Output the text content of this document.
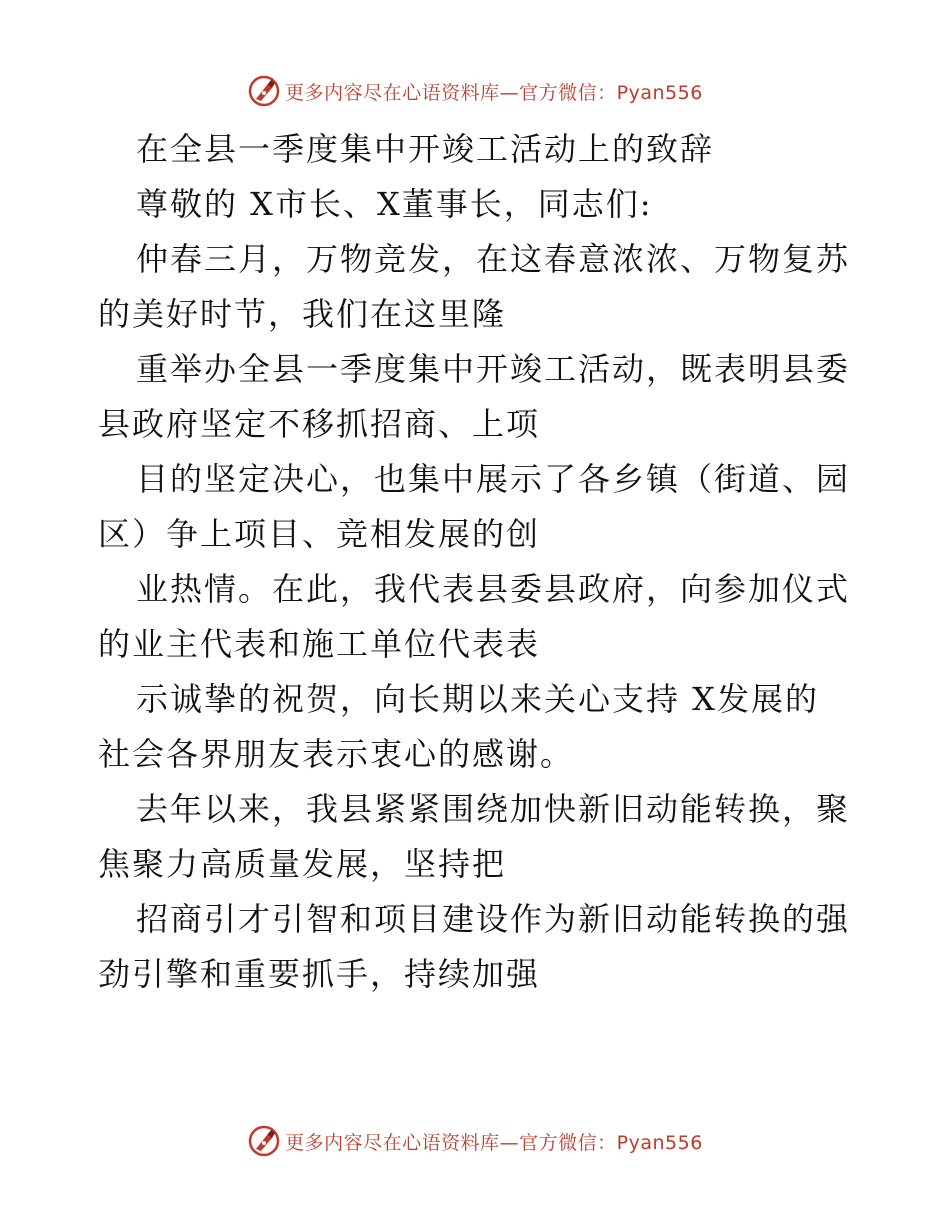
更多内容尽在心语资料库—官方微信：Pyan556
在全县一季度集中开竣工活动上的致辞
尊敬的 X市长、X董事长，同志们:
仲春三月，万物竞发，在这春意浓浓、万物复苏
的美好时节，我们在这里隆
重举办全县一季度集中开竣工活动，既表明县委
县政府坚定不移抓招商、上项
目的坚定决心，也集中展示了各乡镇（街道、园
区）争上项目、竞相发展的创
业热情。在此，我代表县委县政府，向参加仪式
的业主代表和施工单位代表表
示诚挚的祝贺，向长期以来关心支持 X发展的
社会各界朋友表示衷心的感谢。
去年以来，我县紧紧围绕加快新旧动能转换，聚
焦聚力高质量发展，坚持把
招商引才引智和项目建设作为新旧动能转换的强
劲引擎和重要抓手，持续加强
更多内容尽在心语资料库—官方微信：Pyan556
